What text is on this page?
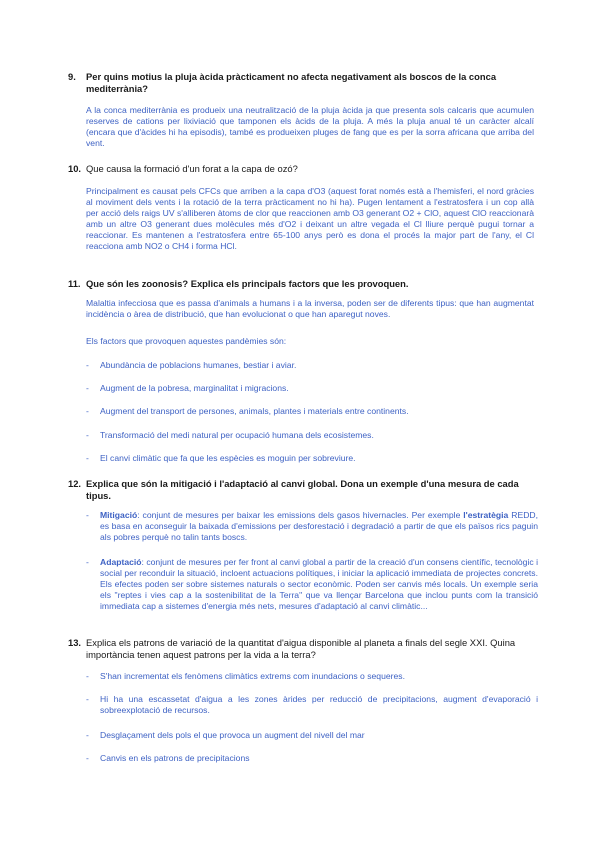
9. Per quins motius la pluja àcida pràcticament no afecta negativament als boscos de la conca mediterrània?
A la conca mediterrània es produeix una neutralització de la pluja àcida ja que presenta sols calcaris que acumulen reserves de cations per lixiviació que tamponen els àcids de la pluja. A més la pluja anual té un caràcter alcalí (encara que d'àcides hi ha episodis), també es produeixen pluges de fang que es per la sorra africana que arriba del vent.
10. Que causa la formació d'un forat a la capa de ozó?
Principalment es causat pels CFCs que arriben a la capa d'O3 (aquest forat només està a l'hemisferi, el nord gràcies al moviment dels vents i la rotació de la terra pràcticament no hi ha). Pugen lentament a l'estratosfera i un cop allà per acció dels raigs UV s'alliberen àtoms de clor que reaccionen amb O3 generant O2 + ClO, aquest ClO reaccionarà amb un altre O3 generant dues molècules més d'O2 i deixant un altre vegada el Cl lliure perquè pugui tornar a reaccionar. Es mantenen a l'estratosfera entre 65-100 anys però es dona el procés la major part de l'any, el Cl reacciona amb NO2 o CH4 i forma HCl.
11. Que són les zoonosis? Explica els principals factors que les provoquen.
Malaltia infecciosa que es passa d'animals a humans i a la inversa, poden ser de diferents tipus: que han augmentat incidència o àrea de distribució, que han evolucionat o que han aparegut noves.
Els factors que provoquen aquestes pandèmies són:
- Abundància de poblacions humanes, bestiar i aviar.
- Augment de la pobresa, marginalitat i migracions.
- Augment del transport de persones, animals, plantes i materials entre continents.
- Transformació del medi natural per ocupació humana dels ecosistemes.
- El canvi climàtic que fa que les espècies es moguin per sobreviure.
12. Explica que són la mitigació i l'adaptació al canvi global. Dona un exemple d'una mesura de cada tipus.
- Mitigació: conjunt de mesures per baixar les emissions dels gasos hivernacles. Per exemple l'estratègia REDD, es basa en aconseguir la baixada d'emissions per desforestació i degradació a partir de que els països rics paguin als pobres perquè no talin tants boscs.
- Adaptació: conjunt de mesures per fer front al canvi global a partir de la creació d'un consens científic, tecnològic i social per reconduir la situació, incloent actuacions polítiques, i iniciar la aplicació immediata de projectes concrets. Els efectes poden ser sobre sistemes naturals o sector econòmic. Poden ser canvis més locals. Un exemple seria els "reptes i vies cap a la sostenibilitat de la Terra" que va llençar Barcelona que inclou punts com la transició immediata cap a sistemes d'energia més nets, mesures d'adaptació al canvi climàtic...
13. Explica els patrons de variació de la quantitat d'aigua disponible al planeta a finals del segle XXI. Quina importància tenen aquest patrons per la vida a la terra?
- S'han incrementat els fenòmens climàtics extrems com inundacions o sequeres.
- Hi ha una escassetat d'aigua a les zones àrides per reducció de precipitacions, augment d'evaporació i sobreexplotació de recursos.
- Desglaçament dels pols el que provoca un augment del nivell del mar
- Canvis en els patrons de precipitacions
